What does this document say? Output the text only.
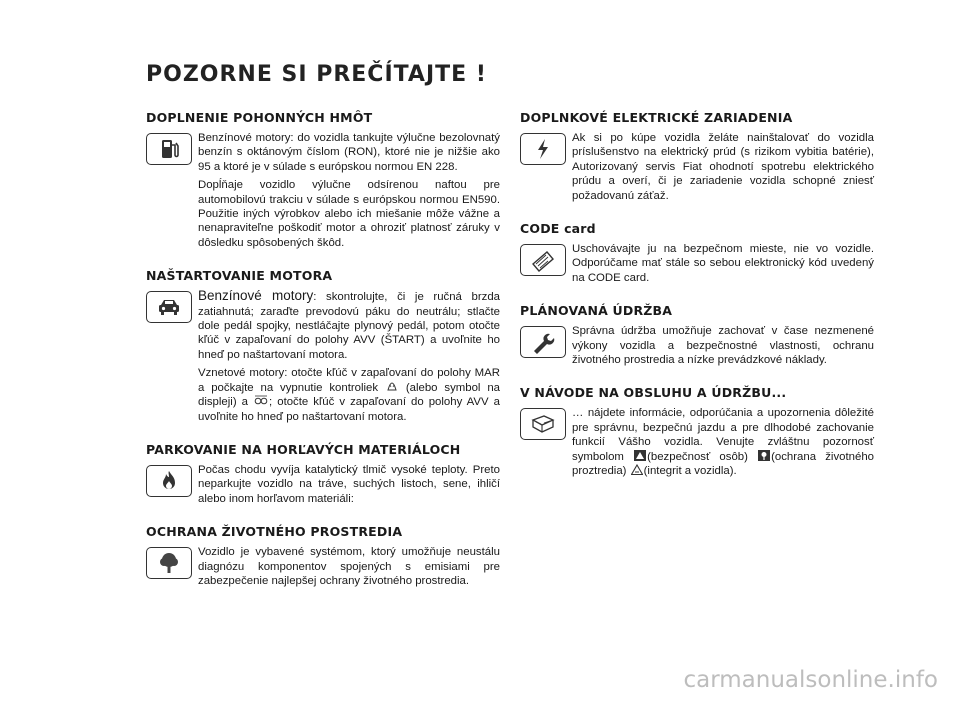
POZORNE SI PREČÍTAJTE !
DOPLNENIE POHONNÝCH HMÔT

Benzínové motory: do vozidla tankujte výlučne bezolovnatý benzín s oktánovým číslom (RON), ktoré nie je nižšie ako 95 a ktoré je v súlade s európskou normou EN 228.

Dopĺňaje vozidlo výlučne odsírenou naftou pre automobilovú trakciu v súlade s európskou normou EN590. Použitie iných výrobkov alebo ich miešanie môže vážne a nenapraviteľne poškodiť motor a ohroziť platnosť záruky v dôsledku spôsobených škôd.

NAŠTARTOVANIE MOTORA

Benzínové motory: skontrolujte, či je ručná brzda zatiahnutá; zaraďte prevodovú páku do neutrálu; stlačte dole pedál spojky, nestláčajte plynový pedál, potom otočte kľúč v zapaľovaní do polohy AVV (ŠTART) a uvoľnite ho hneď po naštartovaní motora.

Vznetové motory: otočte kľúč v zapaľovaní do polohy MAR a počkajte na vypnutie kontroliek (alebo symbol na displeji) a ; otočte kľúč v zapaľovaní do polohy AVV a uvoľnite ho hneď po naštartovaní motora.

PARKOVANIE NA HORĽAVÝCH MATERIÁLOCH

Počas chodu vyvíja katalytický tlmič vysoké teploty. Preto neparkujte vozidlo na tráve, suchých listoch, sene, ihličí alebo inom horľavom materiáli:

OCHRANA ŽIVOTNÉHO PROSTREDIA

Vozidlo je vybavené systémom, ktorý umožňuje neustálu diagnózu komponentov spojených s emisiami pre zabezpečenie najlepšej ochrany životného prostredia.

DOPLNKOVÉ ELEKTRICKÉ ZARIADENIA

Ak si po kúpe vozidla želáte nainštalovať do vozidla príslušenstvo na elektrický prúd (s rizikom vybitia batérie), Autorizovaný servis Fiat ohodnotí spotrebu elektrického prúdu a overí, či je zariadenie vozidla schopné zniesť požadovanú záťaž.

CODE card

Uschovávajte ju na bezpečnom mieste, nie vo vozidle. Odporúčame mať stále so sebou elektronický kód uvedený na CODE card.

PLÁNOVANÁ ÚDRŽBA

Správna údržba umožňuje zachovať v čase nezmenené výkony vozidla a bezpečnostné vlastnosti, ochranu životného prostredia a nízke prevádzkové náklady.

V NÁVODE NA OBSLUHU A ÚDRŽBU...

… nájdete informácie, odporúčania a upozornenia dôležité pre správnu, bezpečnú jazdu a pre dlhodobé zachovanie funkcií Vášho vozidla. Venujte zvláštnu pozornosť symbolom (bezpečnosť osôb) (ochrana životného proztredia) (integrit a vozidla).

carmanualsonline.info
